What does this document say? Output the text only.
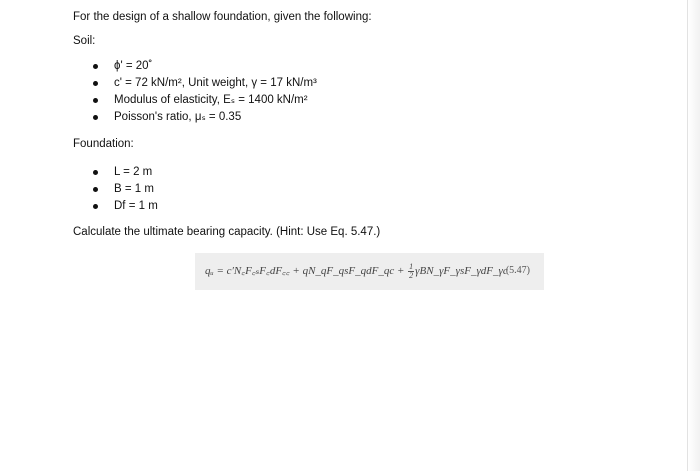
For the design of a shallow foundation, given the following:
Soil:
ϕ' = 20˚
c' = 72 kN/m², Unit weight, γ = 17 kN/m³
Modulus of elasticity, Eₛ = 1400 kN/m²
Poisson's ratio, μₛ = 0.35
Foundation:
L = 2 m
B = 1 m
Df = 1 m
Calculate the ultimate bearing capacity. (Hint: Use Eq. 5.47.)
qᵤ = c′N꜀F꜀ₛF꜀dF꜀꜀ + qN_qF_qsF_qdF_qc + $\frac{1}{2}$ γBN_γF_γsF_γdF_γc
(5.47)
